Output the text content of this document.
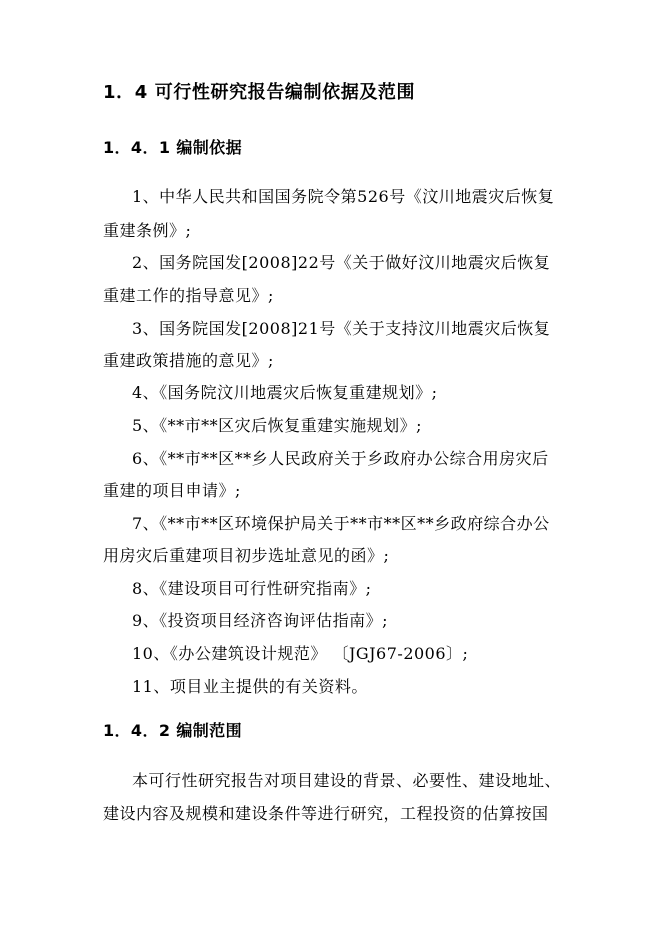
1．4 可行性研究报告编制依据及范围
1．4．1 编制依据
1、中华人民共和国国务院令第526号《汶川地震灾后恢复
重建条例》;
2、国务院国发[2008]22号《关于做好汶川地震灾后恢复
重建工作的指导意见》;
3、国务院国发[2008]21号《关于支持汶川地震灾后恢复
重建政策措施的意见》;
4、《国务院汶川地震灾后恢复重建规划》;
5、《**市**区灾后恢复重建实施规划》;
6、《**市**区**乡人民政府关于乡政府办公综合用房灾后
重建的项目申请》;
7、《**市**区环境保护局关于**市**区**乡政府综合办公
用房灾后重建项目初步选址意见的函》;
8、《建设项目可行性研究指南》;
9、《投资项目经济咨询评估指南》;
10、《办公建筑设计规范》 〔JGJ67-2006〕;
11、项目业主提供的有关资料。
1．4．2 编制范围
本可行性研究报告对项目建设的背景、必要性、建设地址、
建设内容及规模和建设条件等进行研究，工程投资的估算按国
